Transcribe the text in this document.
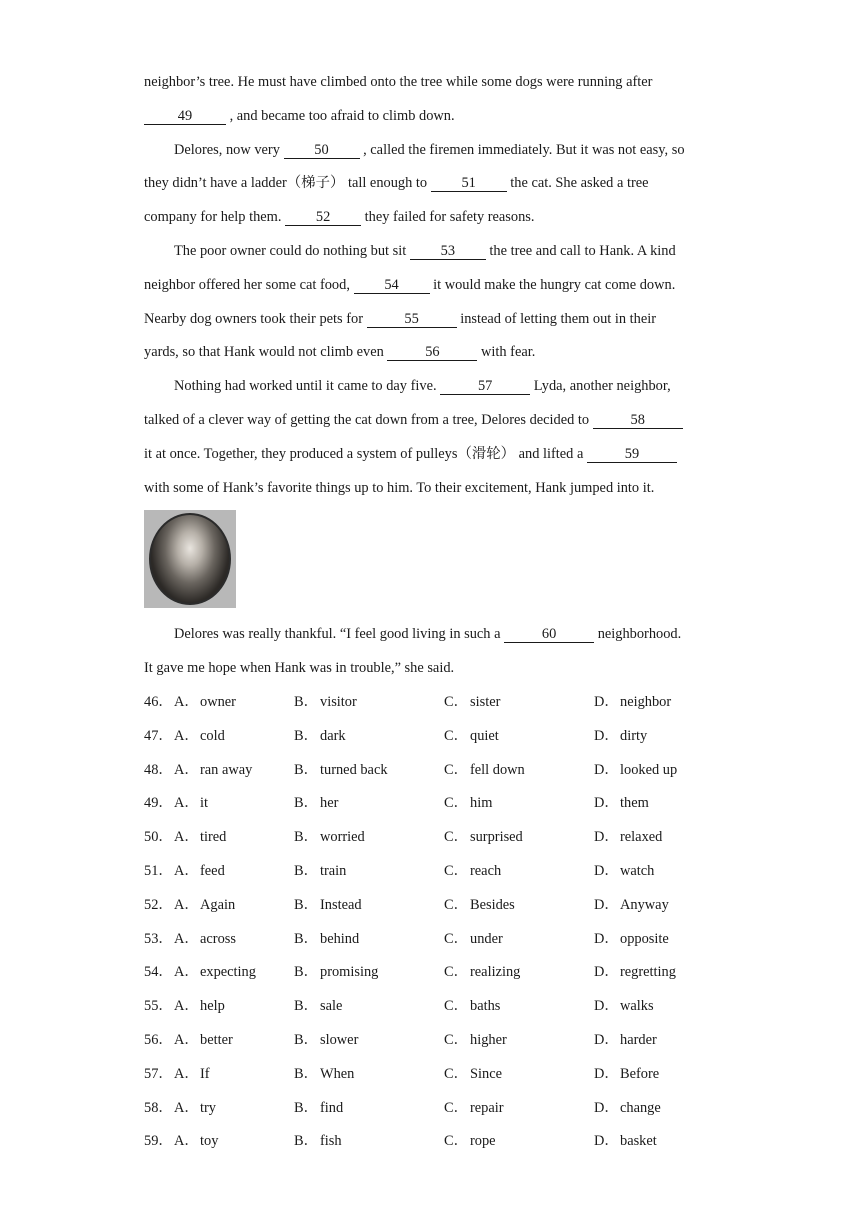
neighbor’s tree. He must have climbed onto the tree while some dogs were running after
49 , and became too afraid to climb down.
Delores, now very 50 , called the firemen immediately. But it was not easy, so
they didn’t have a ladder（梯子） tall enough to 51 the cat. She asked a tree
company for help them. 52 they failed for safety reasons.
The poor owner could do nothing but sit 53 the tree and call to Hank. A kind
neighbor offered her some cat food, 54 it would make the hungry cat come down.
Nearby dog owners took their pets for	55	instead of letting them out in their
yards, so that Hank would not climb even	56	with fear.
Nothing had worked until it came to day five.	57	Lyda, another neighbor,
talked of a clever way of getting the cat down from a tree, Delores decided to	58
it at once. Together, they produced a system of pulleys（滑轮） and lifted a	59
with some of Hank’s favorite things up to him. To their excitement, Hank jumped into it.
Delores was really thankful. “I feel good living in such a	60	neighborhood.
It gave me hope when Hank was in trouble,” she said.
46． A．owner	B． visitor	C． sister	D．neighbor
47． A．cold	B． dark	C． quiet	D．dirty
48． A．ran away	B． turned back	C． fell down	D．looked up
49． A．it	B． her	C． him	D．them
50． A．tired	B． worried	C． surprised	D．relaxed
51． A．feed	B． train	C． reach	D．watch
52． A．Again	B． Instead	C． Besides	D．Anyway
53． A．across	B． behind	C． under	D．opposite
54． A．expecting	B． promising	C． realizing	D．regretting
55． A．help	B． sale	C． baths	D．walks
56． A．better	B． slower	C． higher	D．harder
57． A．If	B． When	C． Since	D．Before
58． A．try	B． find	C． repair	D．change
59． A．toy	B． fish	C． rope	D．basket
